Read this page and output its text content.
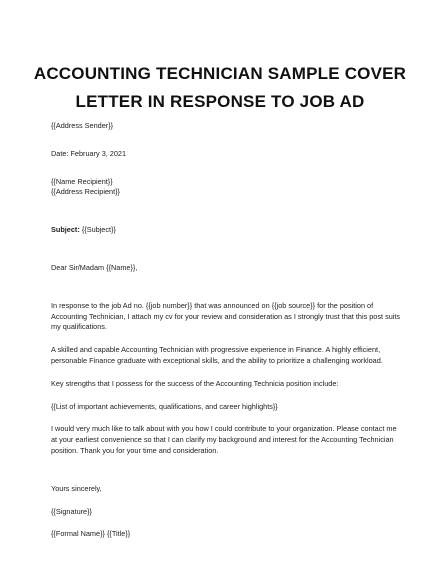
ACCOUNTING TECHNICIAN SAMPLE COVER
LETTER IN RESPONSE TO JOB AD

{{Address Sender}}

Date: February 3, 2021

{{Name Recipient}}

{{Address Recipient}}

Subject: {{Subject}}

Dear Sir/Madam {{Name}},

In response to the job Ad no. {{job number}} that was announced on {{job source}} for the position of Accounting Technician, I attach my cv for your review and consideration as I strongly trust that this post suits my qualifications.

A skilled and capable Accounting Technician with progressive experience in Finance. A highly efficient, personable Finance graduate with exceptional skills, and the ability to prioritize a challenging workload.

Key strengths that I possess for the success of the Accounting Technicia position include:

{{List of important achievements, qualifications, and career highlights}}

I would very much like to talk about with you how I could contribute to your organization. Please contact me at your earliest convenience so that I can clarify my background and interest for the Accounting Technician position. Thank you for your time and consideration.

Yours sincerely,

{{Signature}}

{{Formal Name}} {{Title}}
